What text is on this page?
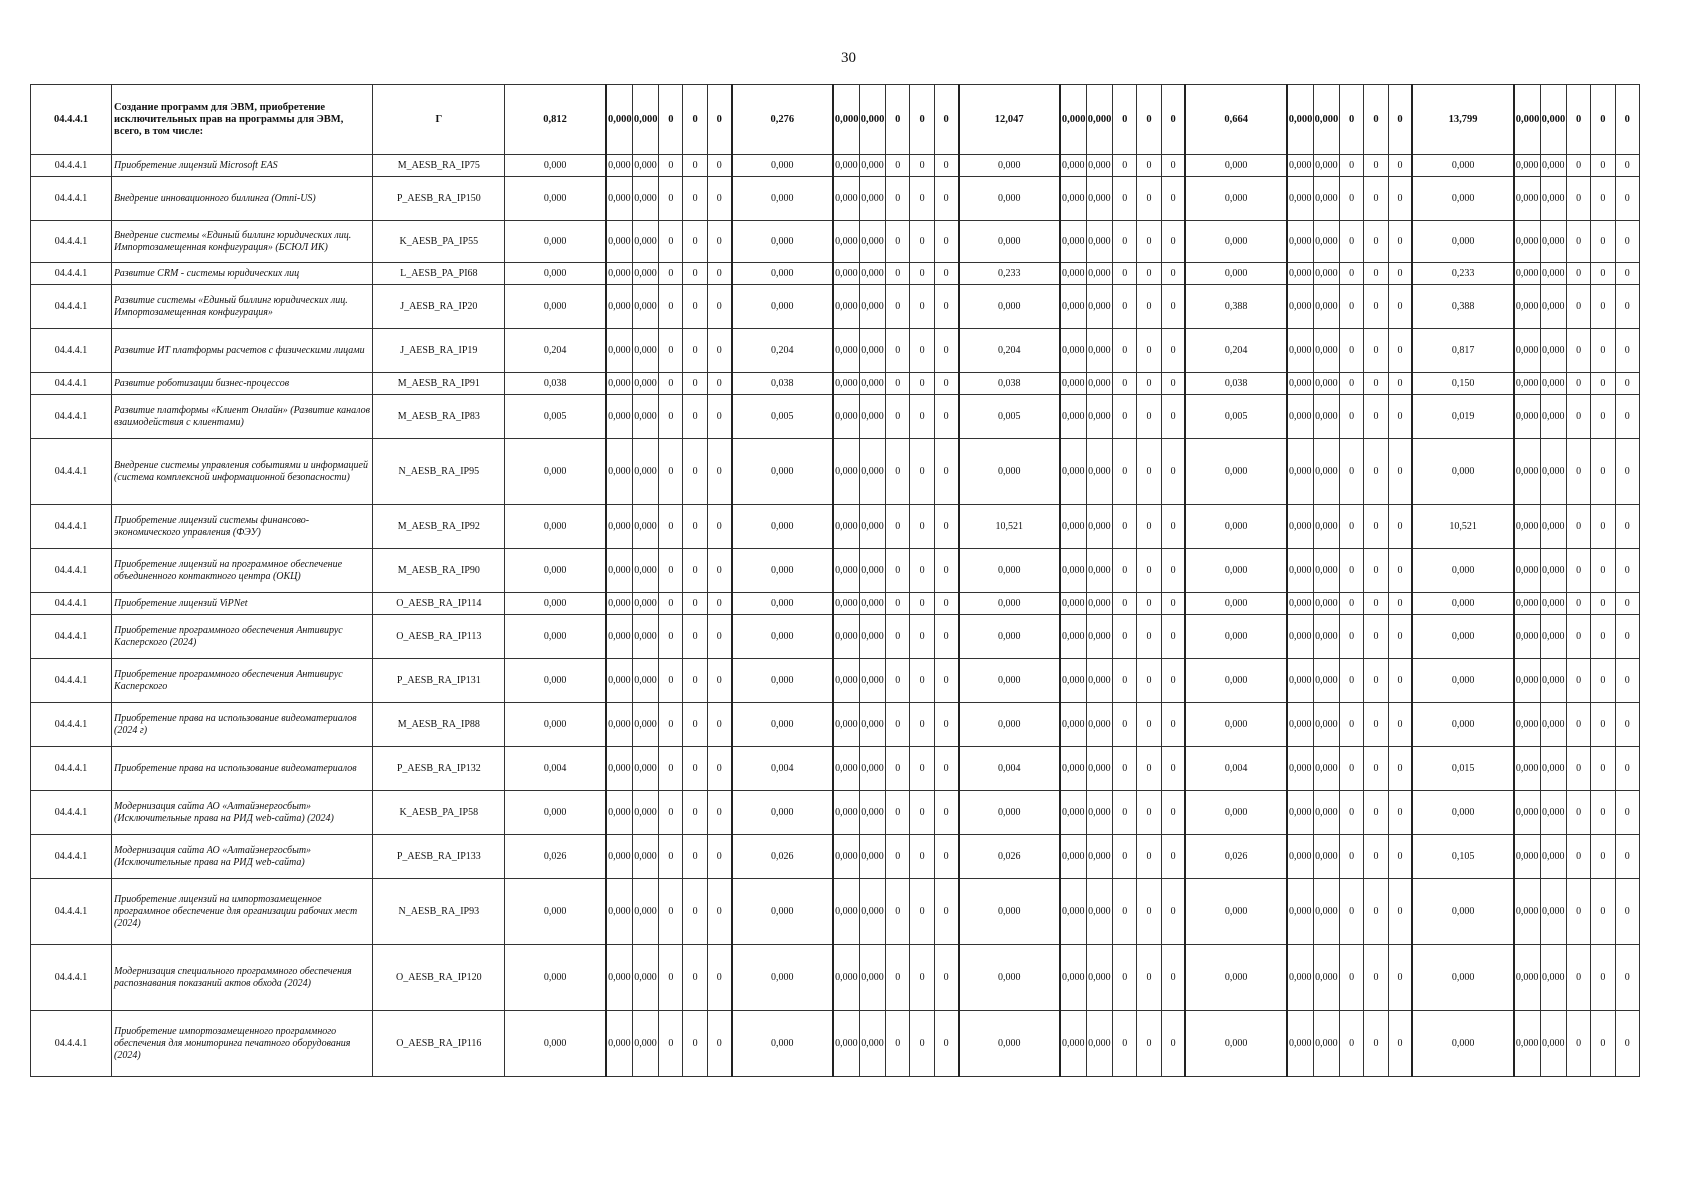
30
04.4.4.1	Создание программ для ЭВМ, приобретение исключительных прав на программы для ЭВМ, всего, в том числе:	Г	0,812	0,000	0,000	0	0	0	0,276	0,000	0,000	0	0	0	12,047	0,000	0,000	0	0	0	0,664	0,000	0,000	0	0	0	13,799	0,000	0,000	0	0	0
04.4.4.1	Приобретение лицензий Microsoft EAS	M_AESB_RA_IP75	0,000	0,000	0,000	0	0	0	0,000	0,000	0,000	0	0	0	0,000	0,000	0,000	0	0	0	0,000	0,000	0,000	0	0	0	0,000	0,000	0,000	0	0	0
04.4.4.1	Внедрение инновационного биллинга (Omni-US)	P_AESB_RA_IP150	0,000	0,000	0,000	0	0	0	0,000	0,000	0,000	0	0	0	0,000	0,000	0,000	0	0	0	0,000	0,000	0,000	0	0	0	0,000	0,000	0,000	0	0	0
04.4.4.1	Внедрение системы «Единый биллинг юридических лиц. Импортозамещенная конфигурация» (БСЮЛ ИК)	K_AESB_PA_IP55	0,000	0,000	0,000	0	0	0	0,000	0,000	0,000	0	0	0	0,000	0,000	0,000	0	0	0	0,000	0,000	0,000	0	0	0	0,000	0,000	0,000	0	0	0
04.4.4.1	Развитие CRM - системы юридических лиц	L_AESB_PA_PI68	0,000	0,000	0,000	0	0	0	0,000	0,000	0,000	0	0	0	0,233	0,000	0,000	0	0	0	0,000	0,000	0,000	0	0	0	0,233	0,000	0,000	0	0	0
04.4.4.1	Развитие системы «Единый биллинг юридических лиц. Импортозамещенная конфигурация»	J_AESB_RA_IP20	0,000	0,000	0,000	0	0	0	0,000	0,000	0,000	0	0	0	0,000	0,000	0,000	0	0	0	0,388	0,000	0,000	0	0	0	0,388	0,000	0,000	0	0	0
04.4.4.1	Развитие ИТ платформы расчетов с физическими лицами	J_AESB_RA_IP19	0,204	0,000	0,000	0	0	0	0,204	0,000	0,000	0	0	0	0,204	0,000	0,000	0	0	0	0,204	0,000	0,000	0	0	0	0,817	0,000	0,000	0	0	0
04.4.4.1	Развитие роботизации бизнес-процессов	M_AESB_RA_IP91	0,038	0,000	0,000	0	0	0	0,038	0,000	0,000	0	0	0	0,038	0,000	0,000	0	0	0	0,038	0,000	0,000	0	0	0	0,150	0,000	0,000	0	0	0
04.4.4.1	Развитие платформы «Клиент Онлайн» (Развитие каналов взаимодействия с клиентами)	M_AESB_RA_IP83	0,005	0,000	0,000	0	0	0	0,005	0,000	0,000	0	0	0	0,005	0,000	0,000	0	0	0	0,005	0,000	0,000	0	0	0	0,019	0,000	0,000	0	0	0
04.4.4.1	Внедрение системы управления событиями и информацией (система комплексной информационной безопасности)	N_AESB_RA_IP95	0,000	0,000	0,000	0	0	0	0,000	0,000	0,000	0	0	0	0,000	0,000	0,000	0	0	0	0,000	0,000	0,000	0	0	0	0,000	0,000	0,000	0	0	0
04.4.4.1	Приобретение лицензий системы финансово-экономического управления (ФЭУ)	M_AESB_RA_IP92	0,000	0,000	0,000	0	0	0	0,000	0,000	0,000	0	0	0	10,521	0,000	0,000	0	0	0	0,000	0,000	0,000	0	0	0	10,521	0,000	0,000	0	0	0
04.4.4.1	Приобретение лицензий на программное обеспечение объединенного контактного центра (ОКЦ)	M_AESB_RA_IP90	0,000	0,000	0,000	0	0	0	0,000	0,000	0,000	0	0	0	0,000	0,000	0,000	0	0	0	0,000	0,000	0,000	0	0	0	0,000	0,000	0,000	0	0	0
04.4.4.1	Приобретение лицензий ViPNet	O_AESB_RA_IP114	0,000	0,000	0,000	0	0	0	0,000	0,000	0,000	0	0	0	0,000	0,000	0,000	0	0	0	0,000	0,000	0,000	0	0	0	0,000	0,000	0,000	0	0	0
04.4.4.1	Приобретение программного обеспечения Антивирус Касперского (2024)	O_AESB_RA_IP113	0,000	0,000	0,000	0	0	0	0,000	0,000	0,000	0	0	0	0,000	0,000	0,000	0	0	0	0,000	0,000	0,000	0	0	0	0,000	0,000	0,000	0	0	0
04.4.4.1	Приобретение программного обеспечения Антивирус Касперского	P_AESB_RA_IP131	0,000	0,000	0,000	0	0	0	0,000	0,000	0,000	0	0	0	0,000	0,000	0,000	0	0	0	0,000	0,000	0,000	0	0	0	0,000	0,000	0,000	0	0	0
04.4.4.1	Приобретение права на использование видеоматериалов (2024 г)	M_AESB_RA_IP88	0,000	0,000	0,000	0	0	0	0,000	0,000	0,000	0	0	0	0,000	0,000	0,000	0	0	0	0,000	0,000	0,000	0	0	0	0,000	0,000	0,000	0	0	0
04.4.4.1	Приобретение права на использование видеоматериалов	P_AESB_RA_IP132	0,004	0,000	0,000	0	0	0	0,004	0,000	0,000	0	0	0	0,004	0,000	0,000	0	0	0	0,004	0,000	0,000	0	0	0	0,015	0,000	0,000	0	0	0
04.4.4.1	Модернизация сайта АО «Алтайэнергосбыт» (Исключительные права на РИД web-сайта) (2024)	K_AESB_PA_IP58	0,000	0,000	0,000	0	0	0	0,000	0,000	0,000	0	0	0	0,000	0,000	0,000	0	0	0	0,000	0,000	0,000	0	0	0	0,000	0,000	0,000	0	0	0
04.4.4.1	Модернизация сайта АО «Алтайэнергосбыт» (Исключительные права на РИД web-сайта)	P_AESB_RA_IP133	0,026	0,000	0,000	0	0	0	0,026	0,000	0,000	0	0	0	0,026	0,000	0,000	0	0	0	0,026	0,000	0,000	0	0	0	0,105	0,000	0,000	0	0	0
04.4.4.1	Приобретение лицензий на импортозамещенное программное обеспечение для организации рабочих мест (2024)	N_AESB_RA_IP93	0,000	0,000	0,000	0	0	0	0,000	0,000	0,000	0	0	0	0,000	0,000	0,000	0	0	0	0,000	0,000	0,000	0	0	0	0,000	0,000	0,000	0	0	0
04.4.4.1	Модернизация специального программного обеспечения распознавания показаний актов обхода (2024)	O_AESB_RA_IP120	0,000	0,000	0,000	0	0	0	0,000	0,000	0,000	0	0	0	0,000	0,000	0,000	0	0	0	0,000	0,000	0,000	0	0	0	0,000	0,000	0,000	0	0	0
04.4.4.1	Приобретение импортозамещенного программного обеспечения для мониторинга печатного оборудования (2024)	O_AESB_RA_IP116	0,000	0,000	0,000	0	0	0	0,000	0,000	0,000	0	0	0	0,000	0,000	0,000	0	0	0	0,000	0,000	0,000	0	0	0	0,000	0,000	0,000	0	0	0
